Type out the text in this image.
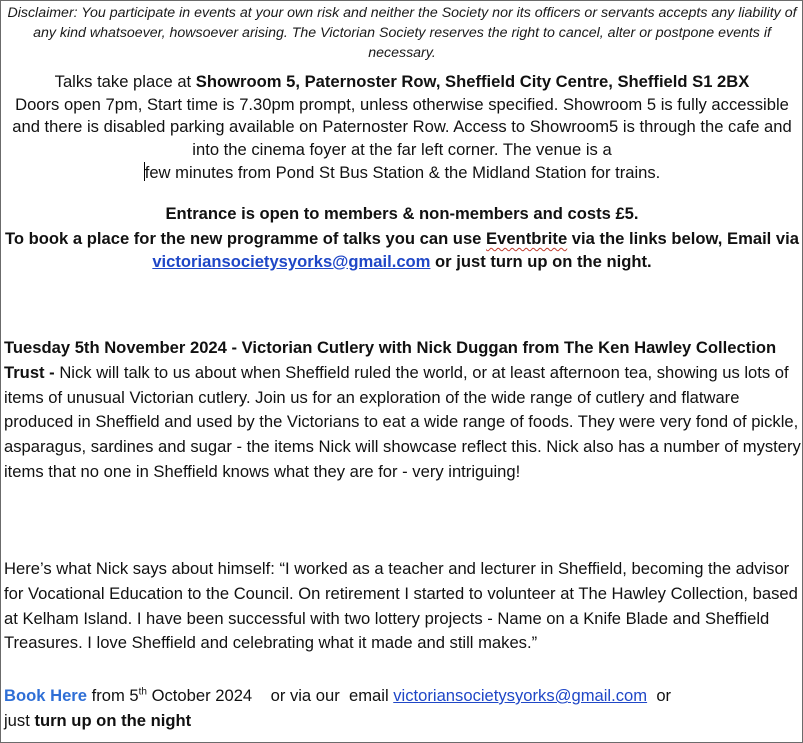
Disclaimer: You participate in events at your own risk and neither the Society nor its officers or servants accepts any liability of any kind whatsoever, howsoever arising. The Victorian Society reserves the right to cancel, alter or postpone events if necessary.
Talks take place at Showroom 5, Paternoster Row, Sheffield City Centre, Sheffield S1 2BX
Doors open 7pm, Start time is 7.30pm prompt, unless otherwise specified. Showroom 5 is fully accessible and there is disabled parking available on Paternoster Row. Access to Showroom5 is through the cafe and into the cinema foyer at the far left corner. The venue is a
few minutes from Pond St Bus Station & the Midland Station for trains.
Entrance is open to members & non-members and costs £5.
To book a place for the new programme of talks you can use Eventbrite via the links below, Email via victoriansocietysyorks@gmail.com or just turn up on the night.
Tuesday 5th November 2024 - Victorian Cutlery with Nick Duggan from The Ken Hawley Collection Trust - Nick will talk to us about when Sheffield ruled the world, or at least afternoon tea, showing us lots of items of unusual Victorian cutlery. Join us for an exploration of the wide range of cutlery and flatware produced in Sheffield and used by the Victorians to eat a wide range of foods. They were very fond of pickle, asparagus, sardines and sugar - the items Nick will showcase reflect this. Nick also has a number of mystery items that no one in Sheffield knows what they are for - very intriguing!
Here’s what Nick says about himself: “I worked as a teacher and lecturer in Sheffield, becoming the advisor for Vocational Education to the Council. On retirement I started to volunteer at The Hawley Collection, based at Kelham Island. I have been successful with two lottery projects - Name on a Knife Blade and Sheffield Treasures. I love Sheffield and celebrating what it made and still makes.”
Book Here from 5th October 2024    or via our  email victoriansocietysyorks@gmail.com  or
just turn up on the night
